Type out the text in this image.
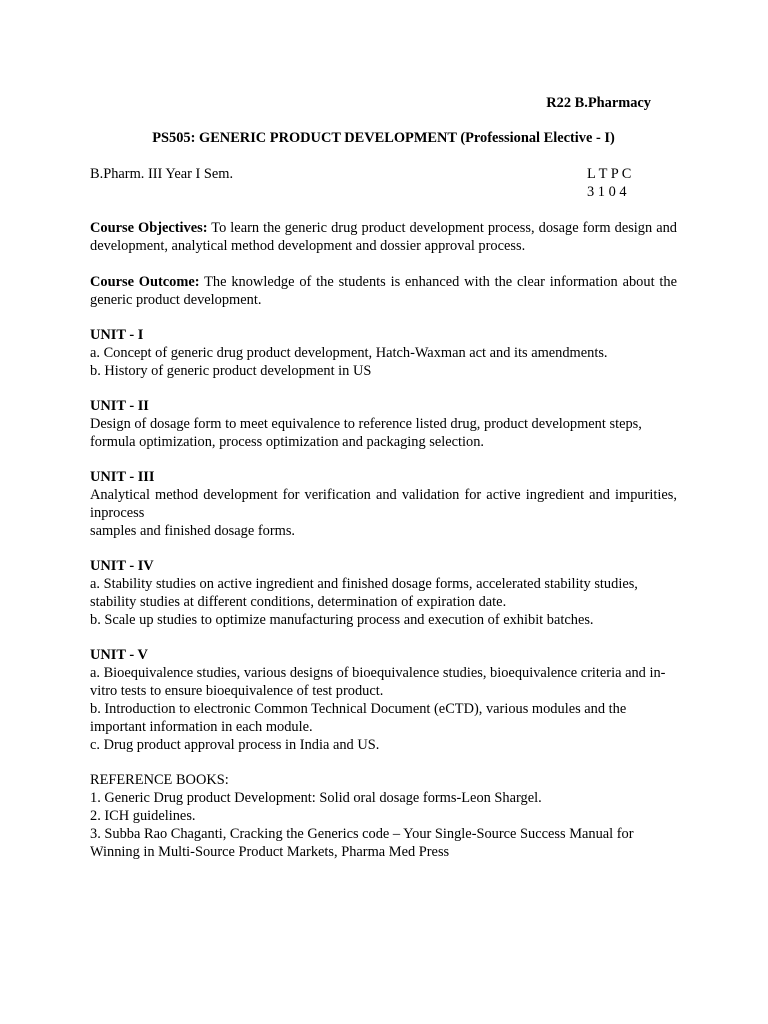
R22 B.Pharmacy

PS505: GENERIC PRODUCT DEVELOPMENT (Professional Elective - I)

B.Pharm. III Year I Sem.	L T P C
3 1 0 4

Course Objectives: To learn the generic drug product development process, dosage form design and development, analytical method development and dossier approval process.

Course Outcome: The knowledge of the students is enhanced with the clear information about the generic product development.

UNIT - I

a. Concept of generic drug product development, Hatch-Waxman act and its amendments.

b. History of generic product development in US

UNIT - II

Design of dosage form to meet equivalence to reference listed drug, product development steps, formula optimization, process optimization and packaging selection.

UNIT - III

Analytical method development for verification and validation for active ingredient and impurities, inprocess

samples and finished dosage forms.

UNIT - IV

a. Stability studies on active ingredient and finished dosage forms, accelerated stability studies, stability studies at different conditions, determination of expiration date.

b. Scale up studies to optimize manufacturing process and execution of exhibit batches.

UNIT - V

a. Bioequivalence studies, various designs of bioequivalence studies, bioequivalence criteria and in-vitro tests to ensure bioequivalence of test product.

b. Introduction to electronic Common Technical Document (eCTD), various modules and the important information in each module.

c. Drug product approval process in India and US.

REFERENCE BOOKS:

1. Generic Drug product Development: Solid oral dosage forms-Leon Shargel.

2. ICH guidelines.

3. Subba Rao Chaganti, Cracking the Generics code – Your Single-Source Success Manual for Winning in Multi-Source Product Markets, Pharma Med Press
